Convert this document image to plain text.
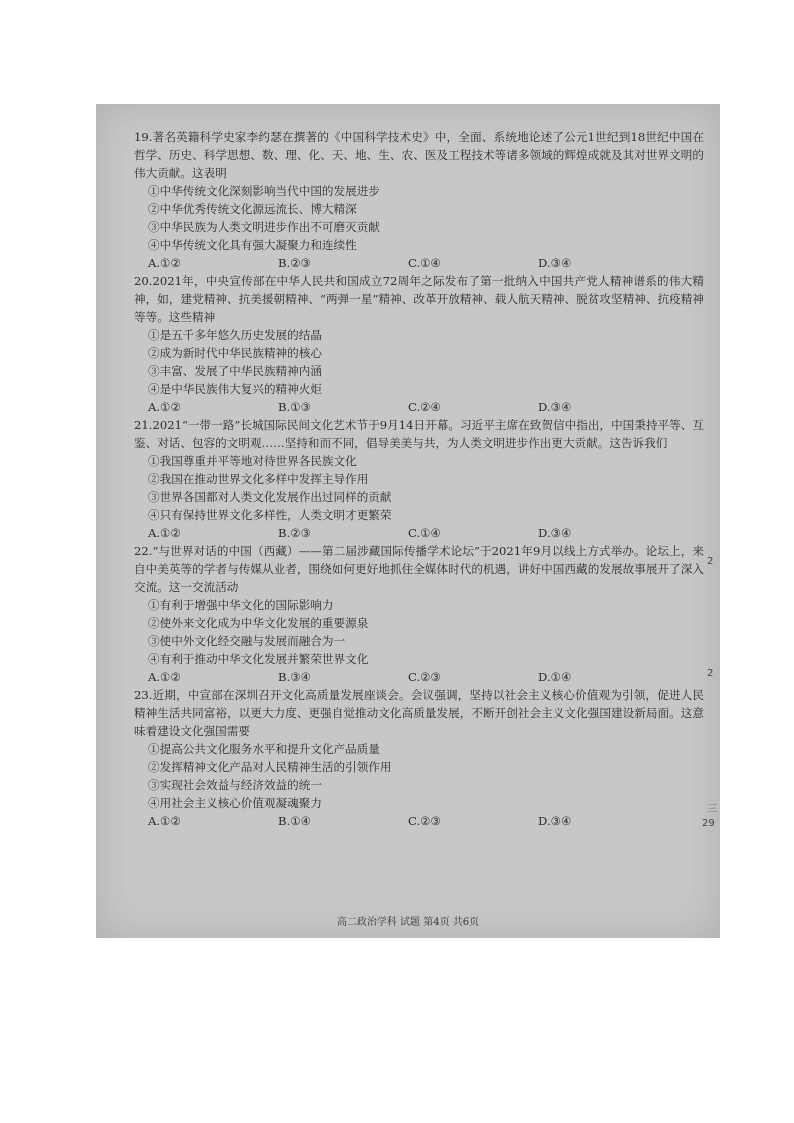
19.著名英籍科学史家李约瑟在撰著的《中国科学技术史》中，全面、系统地论述了公元1世纪到18世纪中国在哲学、历史、科学思想、数、理、化、天、地、生、农、医及工程技术等诸多领域的辉煌成就及其对世界文明的伟大贡献。这表明

①中华传统文化深刻影响当代中国的发展进步

②中华优秀传统文化源远流长、博大精深

③中华民族为人类文明进步作出不可磨灭贡献

④中华传统文化具有强大凝聚力和连续性

A.①②	B.②③	C.①④	D.③④

20.2021年，中央宣传部在中华人民共和国成立72周年之际发布了第一批纳入中国共产党人精神谱系的伟大精神，如，建党精神、抗美援朝精神、“两弹一星”精神、改革开放精神、载人航天精神、脱贫攻坚精神、抗疫精神等等。这些精神

①是五千多年悠久历史发展的结晶

②成为新时代中华民族精神的核心

③丰富、发展了中华民族精神内涵

④是中华民族伟大复兴的精神火炬

A.①②	B.①③	C.②④	D.③④

21.2021“一带一路”长城国际民间文化艺术节于9月14日开幕。习近平主席在致贺信中指出，中国秉持平等、互鉴、对话、包容的文明观……坚持和而不同，倡导美美与共，为人类文明进步作出更大贡献。这告诉我们

①我国尊重并平等地对待世界各民族文化

②我国在推动世界文化多样中发挥主导作用

③世界各国都对人类文化发展作出过同样的贡献

④只有保持世界文化多样性，人类文明才更繁荣

A.①②	B.②③	C.①④	D.③④

22.“与世界对话的中国（西藏）——第二届涉藏国际传播学术论坛”于2021年9月以线上方式举办。论坛上，来自中美英等的学者与传媒从业者，围绕如何更好地抓住全媒体时代的机遇，讲好中国西藏的发展故事展开了深入交流。这一交流活动

①有利于增强中华文化的国际影响力

②使外来文化成为中华文化发展的重要源泉

③使中外文化经交融与发展而融合为一

④有利于推动中华文化发展并繁荣世界文化

A.①②	B.③④	C.②③	D.①④

23.近期，中宣部在深圳召开文化高质量发展座谈会。会议强调，坚持以社会主义核心价值观为引领，促进人民精神生活共同富裕，以更大力度、更强自觉推动文化高质量发展，不断开创社会主义文化强国建设新局面。这意味着建设文化强国需要

①提高公共文化服务水平和提升文化产品质量

②发挥精神文化产品对人民精神生活的引领作用

③实现社会效益与经济效益的统一

④用社会主义核心价值观凝魂聚力

A.①②	B.①④	C.②③	D.③④
高二政治学科 试题 第4页 共6页
2
2
三
29
